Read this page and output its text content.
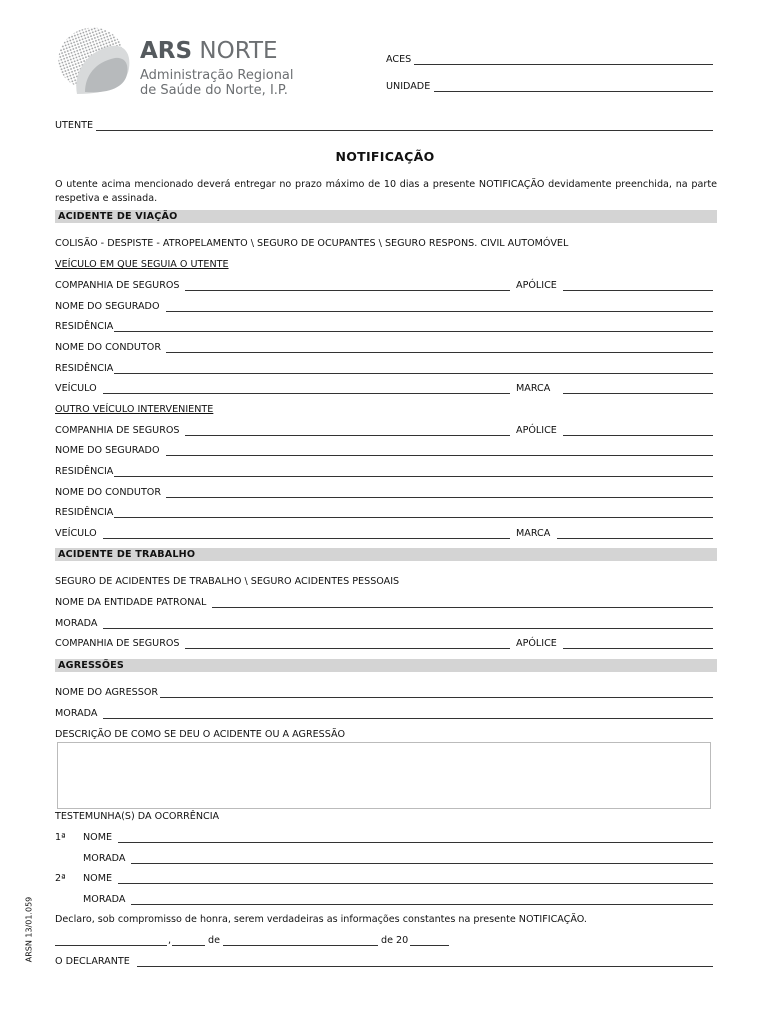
ARS NORTE
Administração Regional
de Saúde do Norte, I.P.
ACES
UNIDADE
UTENTE
NOTIFICAÇÃO
O utente acima mencionado deverá entregar no prazo máximo de 10 dias a presente NOTIFICAÇÃO devidamente preenchida, na parte respetiva e assinada.
ACIDENTE DE VIAÇÃO
COLISÃO - DESPISTE - ATROPELAMENTO \ SEGURO DE OCUPANTES \ SEGURO RESPONS. CIVIL AUTOMÓVEL
VEÍCULO EM QUE SEGUIA O UTENTE
COMPANHIA DE SEGUROS	APÓLICE
NOME DO SEGURADO
RESIDÊNCIA
NOME DO CONDUTOR
RESIDÊNCIA
VEÍCULO	MARCA
OUTRO VEÍCULO INTERVENIENTE
COMPANHIA DE SEGUROS	APÓLICE
NOME DO SEGURADO
RESIDÊNCIA
NOME DO CONDUTOR
RESIDÊNCIA
VEÍCULO	MARCA
ACIDENTE DE TRABALHO
SEGURO DE ACIDENTES DE TRABALHO \ SEGURO ACIDENTES PESSOAIS
NOME DA ENTIDADE PATRONAL
MORADA
COMPANHIA DE SEGUROS	APÓLICE
AGRESSÕES
NOME DO AGRESSOR
MORADA
DESCRIÇÃO DE COMO SE DEU O ACIDENTE OU A AGRESSÃO
TESTEMUNHA(S) DA OCORRÊNCIA
1ª NOME
MORADA
2ª NOME
MORADA
Declaro, sob compromisso de honra, serem verdadeiras as informações constantes na presente NOTIFICAÇÃO.
,	de	de 20
O DECLARANTE
ARSN 13/01.059
